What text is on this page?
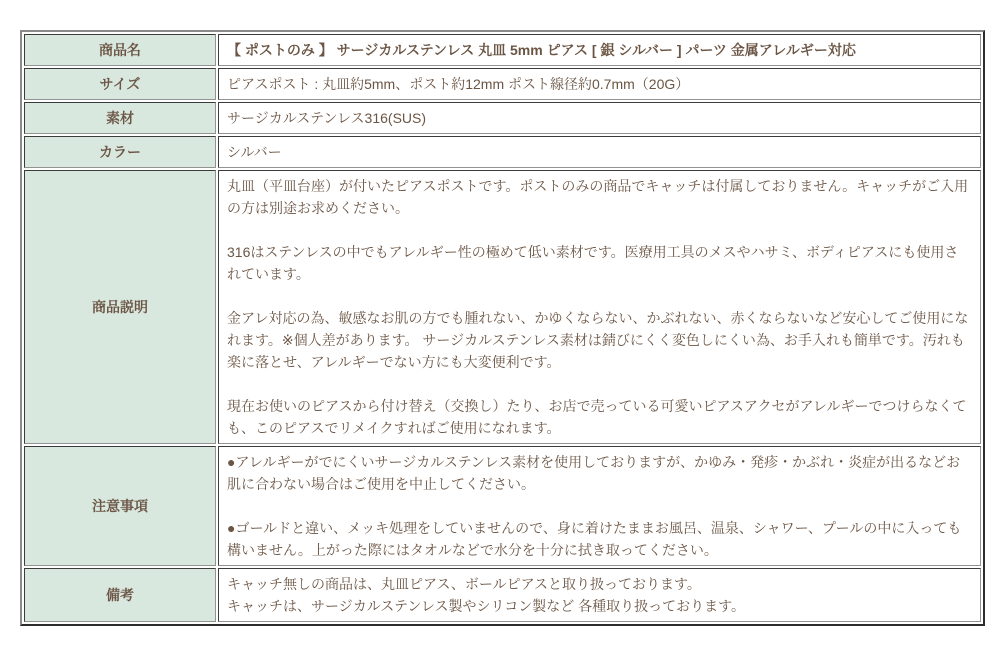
商品名	【 ポストのみ 】 サージカルステンレス 丸皿 5mm ピアス [ 銀 シルバー ] パーツ 金属アレルギー対応

サイズ	ピアスポスト : 丸皿約5mm、ポスト約12mm ポスト線径約0.7mm（20G）

素材	サージカルステンレス316(SUS)

カラー	シルバー

商品説明	丸皿（平皿台座）が付いたピアスポストです。ポストのみの商品でキャッチは付属しておりません。キャッチがご入用の方は別途お求めください。

316はステンレスの中でもアレルギー性の極めて低い素材です。医療用工具のメスやハサミ、ボディピアスにも使用されています。

金アレ対応の為、敏感なお肌の方でも腫れない、かゆくならない、かぶれない、赤くならないなど安心してご使用になれます。※個人差があります。 サージカルステンレス素材は錆びにくく変色しにくい為、お手入れも簡単です。汚れも楽に落とせ、アレルギーでない方にも大変便利です。

現在お使いのピアスから付け替え（交換し）たり、お店で売っている可愛いピアスアクセがアレルギーでつけらなくても、このピアスでリメイクすればご使用になれます。

注意事項	●アレルギーがでにくいサージカルステンレス素材を使用しておりますが、かゆみ・発疹・かぶれ・炎症が出るなどお肌に合わない場合はご使用を中止してください。

●ゴールドと違い、メッキ処理をしていませんので、身に着けたままお風呂、温泉、シャワー、プールの中に入っても構いません。上がった際にはタオルなどで水分を十分に拭き取ってください。

備考	キャッチ無しの商品は、丸皿ピアス、ボールピアスと取り扱っております。

キャッチは、サージカルステンレス製やシリコン製など 各種取り扱っております。
